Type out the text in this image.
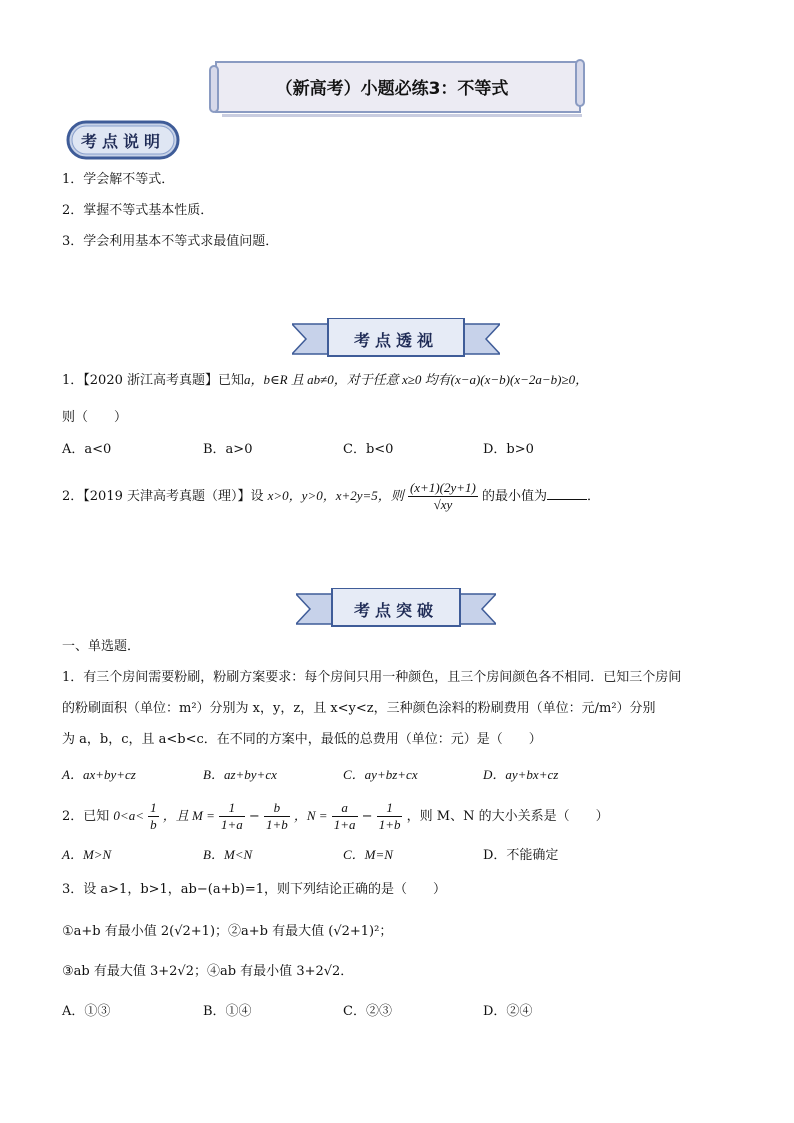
（新高考）小题必练3：不等式
考点说明
1．学会解不等式．
2．掌握不等式基本性质．
3．学会利用基本不等式求最值问题．
考点透视
1．【2020 浙江高考真题】已知a，b∈R 且 ab≠0，对于任意 x≥0 均有(x−a)(x−b)(x−2a−b)≥0，
则（　　）
A．a<0	B．a>0	C．b<0	D．b>0
2．【2019 天津高考真题（理）】设 x>0，y>0，x+2y=5，则 $\frac{(x+1)(2y+1)}{√xy}$ 的最小值为	．
考点突破
一、单选题．
1．有三个房间需要粉刷，粉刷方案要求：每个房间只用一种颜色，且三个房间颜色各不相同．已知三个房间
的粉刷面积（单位：m²）分别为 x，y，z，且 x<y<z，三种颜色涂料的粉刷费用（单位：元/m²）分别
为 a，b，c，且 a<b<c．在不同的方案中，最低的总费用（单位：元）是（　　）
A．ax+by+cz	B．az+by+cx	C．ay+bz+cx	D．ay+bx+cz
2．已知 $0<a< \frac{1}{b}$ ，且 $M = \frac{1}{1+a} - \frac{b}{1+b}$ ，$N = \frac{a}{1+a} - \frac{1}{1+b}$ ，则 M、N 的大小关系是（　　）
A．M>N	B．M<N	C．M=N	D．不能确定
3．设 a>1，b>1，ab−(a+b)=1，则下列结论正确的是（　　）
①a+b 有最小值 2(√2+1)；②a+b 有最大值 (√2+1)²；
③ab 有最大值 3+2√2；④ab 有最小值 3+2√2．
A．①③	B．①④	C．②③	D．②④
